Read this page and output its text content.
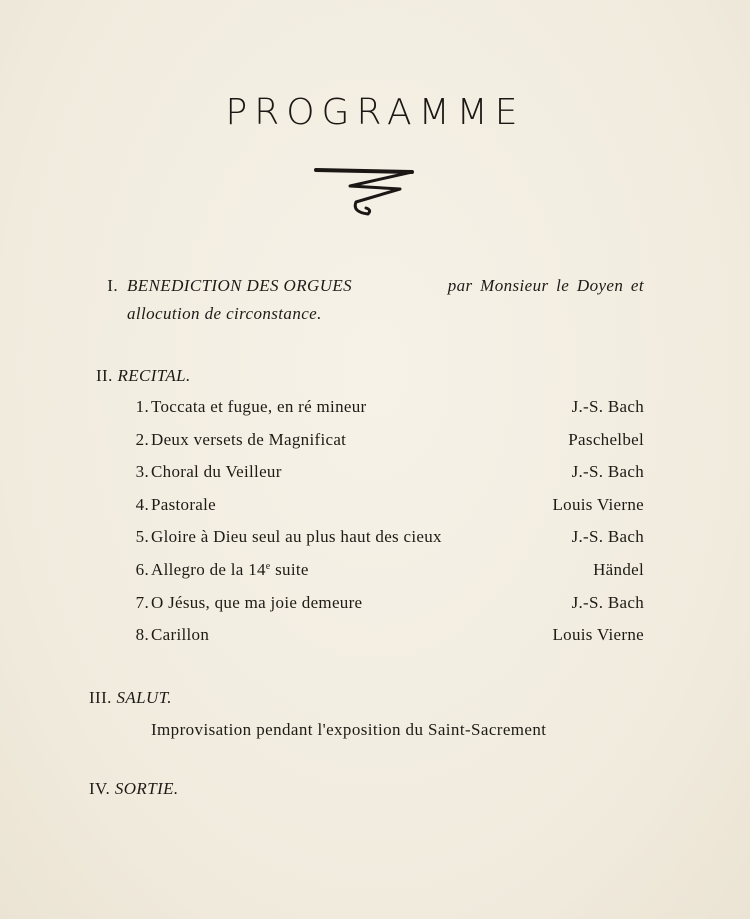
PROGRAMME
I. BENEDICTION DES ORGUES	par Monsieur le Doyen et
allocution de circonstance.
II. RECITAL.
1. Toccata et fugue, en ré mineur	J.-S. Bach
2. Deux versets de Magnificat	Paschelbel
3. Choral du Veilleur	J.-S. Bach
4. Pastorale	Louis Vierne
5. Gloire à Dieu seul au plus haut des cieux	J.-S. Bach
6. Allegro de la 14e suite	Händel
7. O Jésus, que ma joie demeure	J.-S. Bach
8. Carillon	Louis Vierne
III. SALUT.
Improvisation pendant l'exposition du Saint-Sacrement
IV. SORTIE.
